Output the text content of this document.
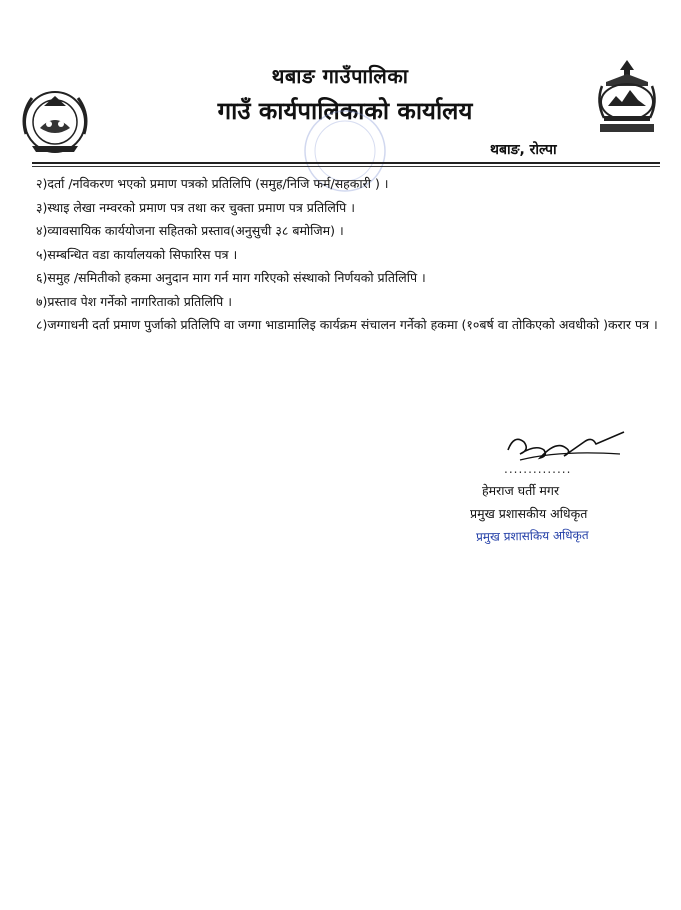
थबाङ गाउँपालिका
गाउँ कार्यपालिकाको कार्यालय
थबाङ, रोल्पा
२)दर्ता /नविकरण भएको प्रमाण पत्रको प्रतिलिपि (समुह/निजि फर्म/सहकारी ) ।
३)स्थाइ लेखा नम्वरको प्रमाण पत्र तथा कर चुक्ता प्रमाण पत्र प्रतिलिपि ।
४)व्यावसायिक कार्ययोजना सहितको प्रस्ताव(अनुसुची ३८ बमोजिम) ।
५)सम्बन्धित वडा कार्यालयको सिफारिस पत्र ।
६)समुह /समितीको हकमा अनुदान माग गर्न माग गरिएको संस्थाको निर्णयको प्रतिलिपि ।
७)प्रस्ताव पेश गर्नेको नागरिताको प्रतिलिपि ।
८)जग्गाधनी दर्ता प्रमाण पुर्जाको प्रतिलिपि वा जग्गा भाडामालिइ कार्यक्रम संचालन गर्नेको हकमा (१०बर्ष वा तोकिएको अवधीको )करार पत्र ।
..............
हेमराज घर्ती मगर
प्रमुख प्रशासकीय अधिकृत
प्रमुख प्रशासकिय अधिकृत
